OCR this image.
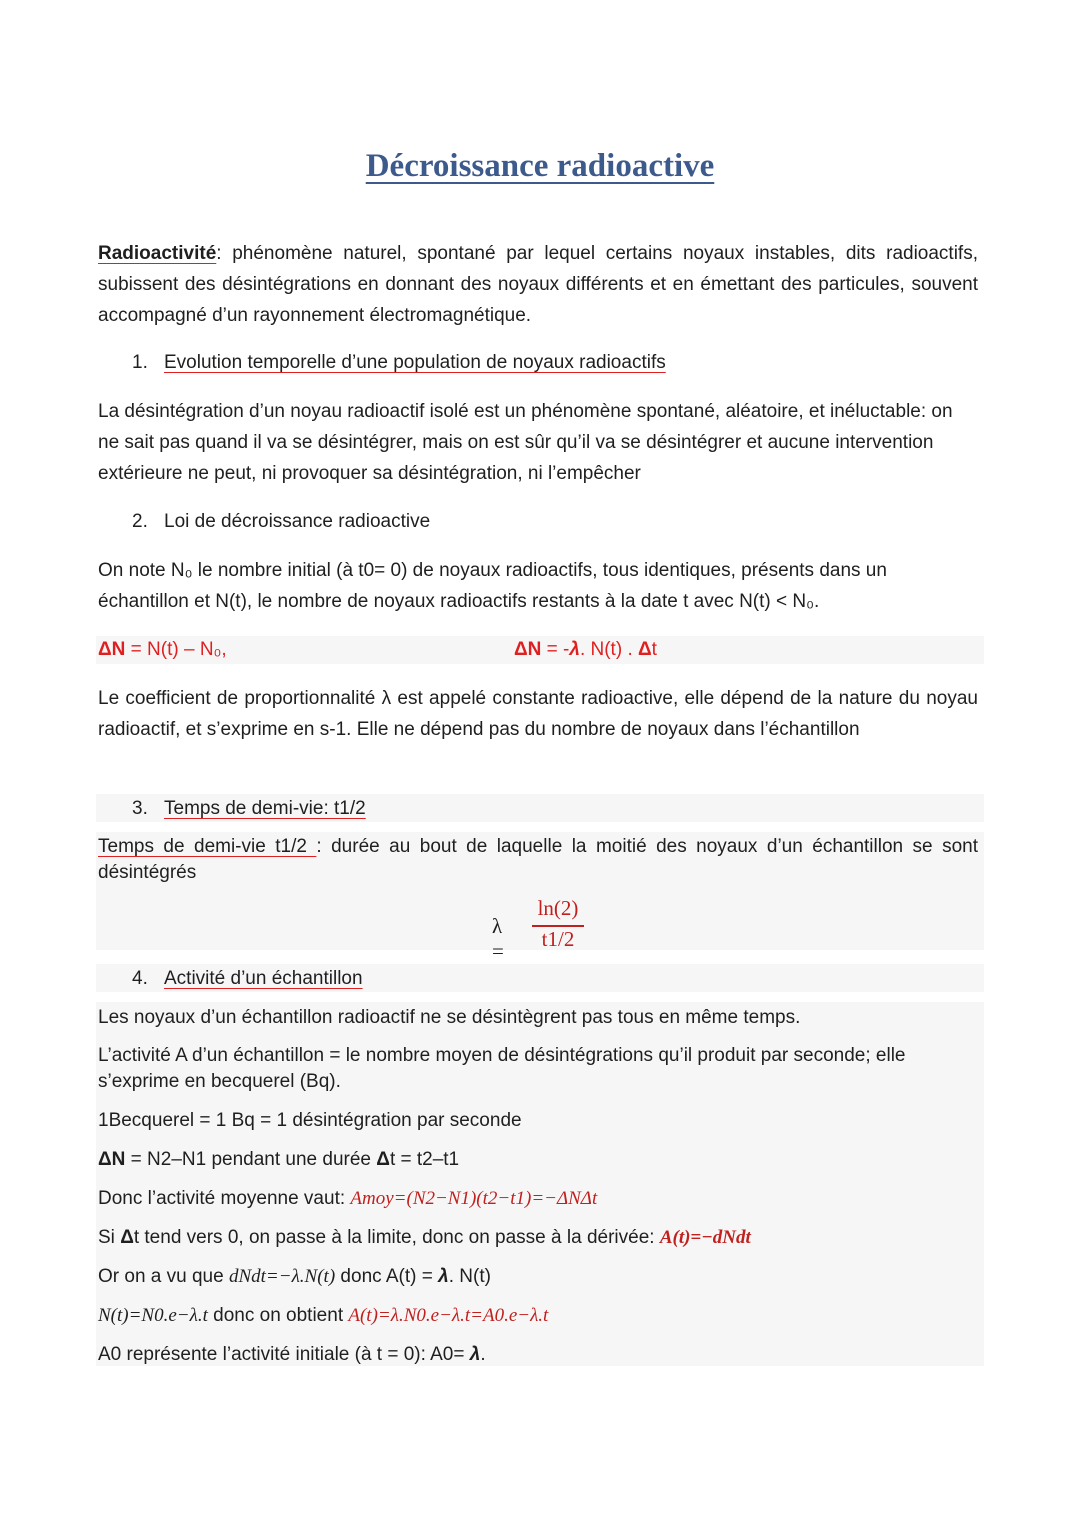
Décroissance radioactive
Radioactivité: phénomène naturel, spontané par lequel certains noyaux instables, dits radioactifs, subissent des désintégrations en donnant des noyaux différents et en émettant des particules, souvent accompagné d’un rayonnement électromagnétique.
1. Evolution temporelle d’une population de noyaux radioactifs
La désintégration d’un noyau radioactif isolé est un phénomène spontané, aléatoire, et inéluctable: on ne sait pas quand il va se désintégrer, mais on est sûr qu’il va se désintégrer et aucune intervention extérieure ne peut, ni provoquer sa désintégration, ni l’empêcher
2. Loi de décroissance radioactive
On note N₀ le nombre initial (à t0= 0) de noyaux radioactifs, tous identiques, présents dans un échantillon et N(t), le nombre de noyaux radioactifs restants à la date t avec N(t) < N₀.
ΔN = N(t) – N₀,	ΔN = -λ. N(t) . Δt
Le coefficient de proportionnalité λ est appelé constante radioactive, elle dépend de la nature du noyau radioactif, et s’exprime en s-1. Elle ne dépend pas du nombre de noyaux dans l’échantillon
3. Temps de demi-vie: t1/2
Temps de demi-vie t1/2 : durée au bout de laquelle la moitié des noyaux d’un échantillon se sont désintégrés
λ =
ln(2)
t1/2
4. Activité d’un échantillon
Les noyaux d’un échantillon radioactif ne se désintègrent pas tous en même temps.
L’activité A d’un échantillon = le nombre moyen de désintégrations qu’il produit par seconde; elle s’exprime en becquerel (Bq).
1Becquerel = 1 Bq = 1 désintégration par seconde
ΔN = N2–N1 pendant une durée Δt = t2–t1
Donc l’activité moyenne vaut: Amoy=(N2−N1)(t2−t1)=−ΔNΔt
Si Δt tend vers 0, on passe à la limite, donc on passe à la dérivée: A(t)=−dNdt
Or on a vu que dNdt=−λ.N(t) donc A(t) = λ. N(t)
N(t)=N0.e−λ.t donc on obtient A(t)=λ.N0.e−λ.t=A0.e−λ.t
A0 représente l’activité initiale (à t = 0): A0= λ.
